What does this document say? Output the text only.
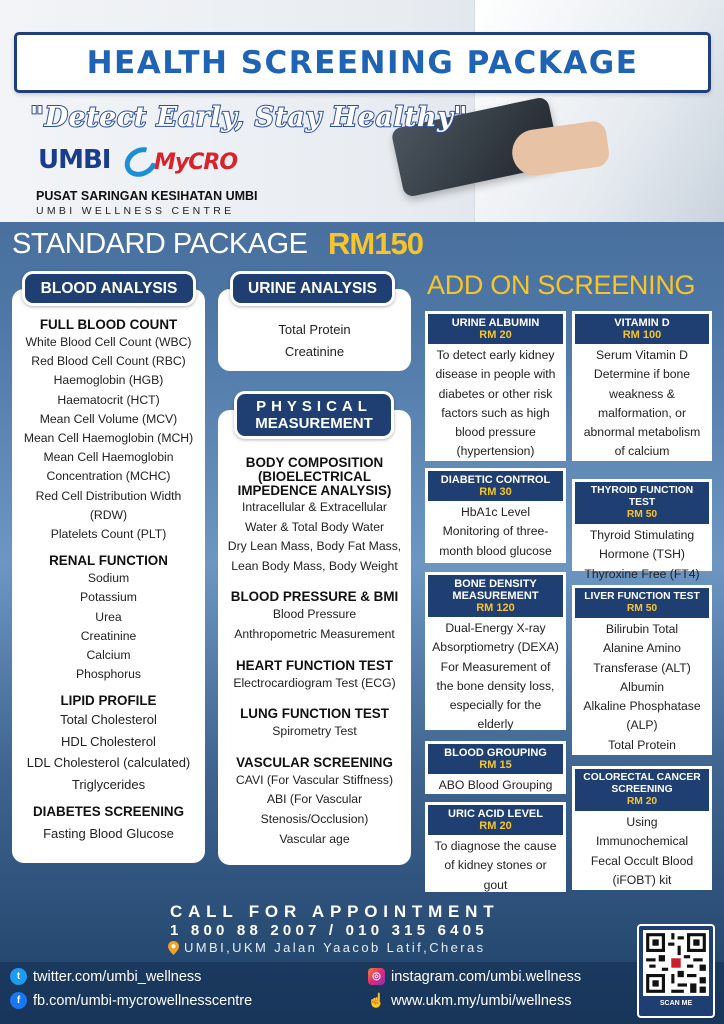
HEALTH SCREENING PACKAGE
"Detect Early, Stay Healthy"
UMBI MyCRO
PUSAT SARINGAN KESIHATAN UMBI
UMBI WELLNESS CENTRE
STANDARD PACKAGE RM150
FULL BLOOD COUNT
White Blood Cell Count (WBC)
Red Blood Cell Count (RBC)
Haemoglobin (HGB)
Haematocrit (HCT)
Mean Cell Volume (MCV)
Mean Cell Haemoglobin (MCH)
Mean Cell Haemoglobin
Concentration (MCHC)
Red Cell Distribution Width
(RDW)
Platelets Count (PLT)
RENAL FUNCTION
Sodium
Potassium
Urea
Creatinine
Calcium
Phosphorus
LIPID PROFILE
Total Cholesterol
HDL Cholesterol
LDL Cholesterol (calculated)
Triglycerides
DIABETES SCREENING
Fasting Blood Glucose
BLOOD ANALYSIS
Total Protein
Creatinine
URINE ANALYSIS
BODY COMPOSITION
(BIOELECTRICAL
IMPEDENCE ANALYSIS)
Intracellular & Extracellular
Water & Total Body Water
Dry Lean Mass, Body Fat Mass,
Lean Body Mass, Body Weight
BLOOD PRESSURE & BMI
Blood Pressure
Anthropometric Measurement
HEART FUNCTION TEST
Electrocardiogram Test (ECG)
LUNG FUNCTION TEST
Spirometry Test
VASCULAR SCREENING
CAVI (For Vascular Stiffness)
ABI (For Vascular
Stenosis/Occlusion)
Vascular age
PHYSICAL
MEASUREMENT
ADD ON SCREENING
URINE ALBUMIN
RM 20
To detect early kidney
disease in people with
diabetes or other risk
factors such as high
blood pressure
(hypertension)
VITAMIN D
RM 100
Serum Vitamin D
Determine if bone
weakness &
malformation, or
abnormal metabolism
of calcium
DIABETIC CONTROL
RM 30
HbA1c Level
Monitoring of three-
month blood glucose
THYROID FUNCTION TEST
RM 50
Thyroid Stimulating
Hormone (TSH)
Thyroxine Free (FT4)
BONE DENSITY
MEASUREMENT
RM 120
Dual-Energy X-ray
Absorptiometry (DEXA)
For Measurement of
the bone density loss,
especially for the
elderly
LIVER FUNCTION TEST
RM 50
Bilirubin Total
Alanine Amino
Transferase (ALT)
Albumin
Alkaline Phosphatase
(ALP)
Total Protein
BLOOD GROUPING
RM 15
ABO Blood Grouping
COLORECTAL CANCER
SCREENING
RM 20
Using
Immunochemical
Fecal Occult Blood
(iFOBT) kit
URIC ACID LEVEL
RM 20
To diagnose the cause
of kidney stones or
gout
CALL FOR APPOINTMENT
1 800 88 2007 / 010 315 6405
UMBI,UKM Jalan Yaacob Latif,Cheras
t twitter.com/umbi_wellness
f fb.com/umbi-mycrowellnesscentre
◎ instagram.com/umbi.wellness
☝ www.ukm.my/umbi/wellness	SCAN ME
